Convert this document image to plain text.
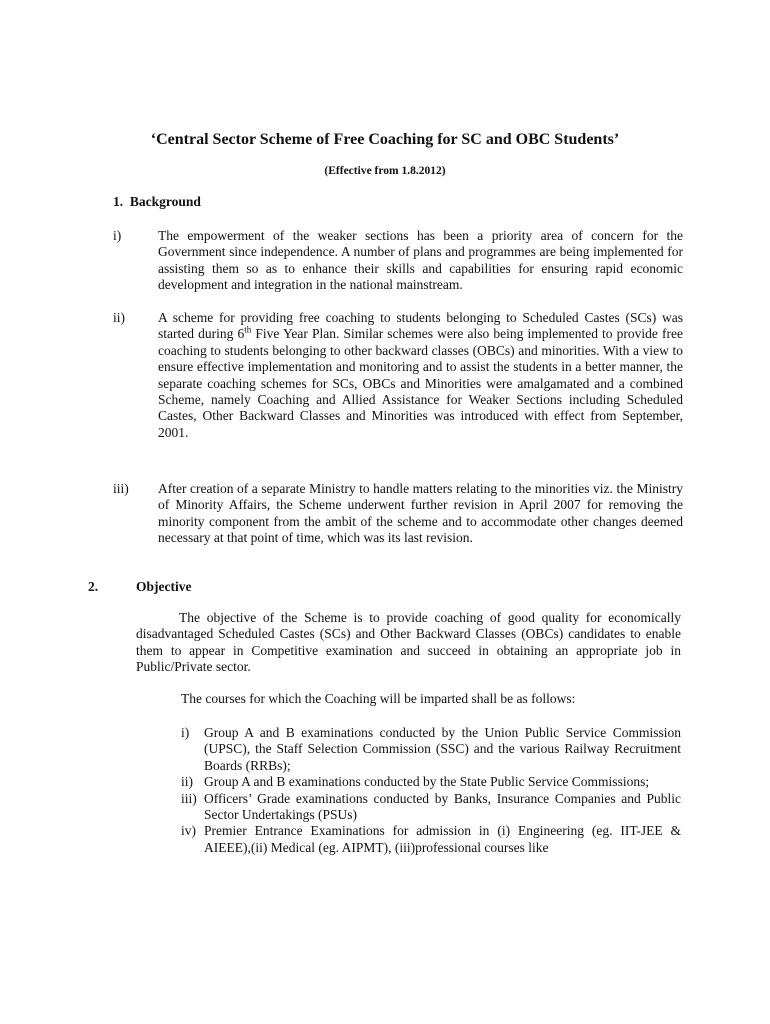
‘Central Sector Scheme of Free Coaching for SC and OBC Students’
(Effective from 1.8.2012)
1.  Background
i)	The empowerment of the weaker sections has been a priority area of concern for the Government since independence. A number of plans and programmes are being implemented for assisting them so as to enhance their skills and capabilities for ensuring rapid economic development and integration in the national mainstream.
ii) A scheme for providing free coaching to students belonging to Scheduled Castes (SCs) was started during 6th Five Year Plan. Similar schemes were also being implemented to provide free coaching to students belonging to other backward classes (OBCs) and minorities. With a view to ensure effective implementation and monitoring and to assist the students in a better manner, the separate coaching schemes for SCs, OBCs and Minorities were amalgamated and a combined Scheme, namely Coaching and Allied Assistance for Weaker Sections including Scheduled Castes, Other Backward Classes and Minorities was introduced with effect from September, 2001.
iii) After creation of a separate Ministry to handle matters relating to the minorities viz. the Ministry of Minority Affairs, the Scheme underwent further revision in April 2007 for removing the minority component from the ambit of the scheme and to accommodate other changes deemed necessary at that point of time, which was its last revision.
2.	Objective
The objective of the Scheme is to provide coaching of good quality for economically disadvantaged Scheduled Castes (SCs) and Other Backward Classes (OBCs) candidates to enable them to appear in Competitive examination and succeed in obtaining an appropriate job in Public/Private sector.
The courses for which the Coaching will be imparted shall be as follows:
i) Group A and B examinations conducted by the Union Public Service Commission (UPSC), the Staff Selection Commission (SSC) and the various Railway Recruitment Boards (RRBs);
ii) Group A and B examinations conducted by the State Public Service Commissions;
iii) Officers’ Grade examinations conducted by Banks, Insurance Companies and Public Sector Undertakings (PSUs)
iv) Premier Entrance Examinations for admission in (i) Engineering (eg. IIT-JEE & AIEEE),(ii) Medical (eg. AIPMT), (iii)professional courses like
